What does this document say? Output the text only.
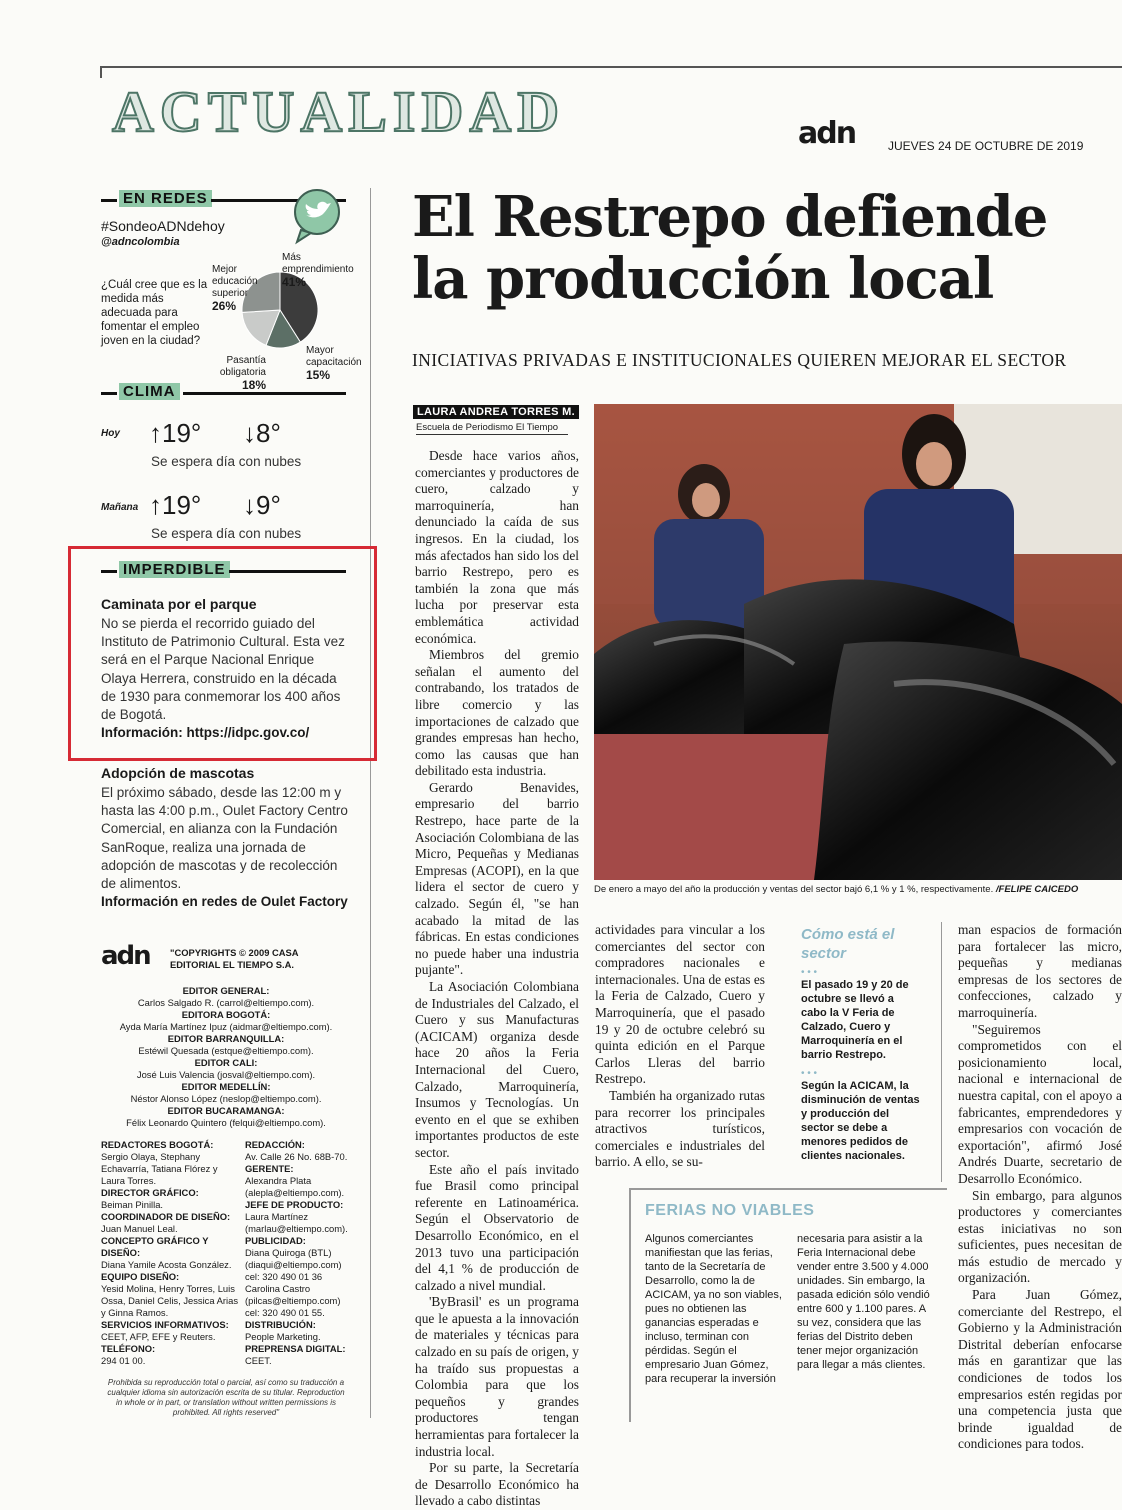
ACTUALIDAD	adn	JUEVES 24 DE OCTUBRE DE 2019
EN REDES
#SondeoADNdehoy
@adncolombia
¿Cuál cree que es la medida más adecuada para fomentar el empleo joven en la ciudad?
Mejor educación superior
26%
Más emprendimiento
41%
Mayor capacitación
15%
Pasantía obligatoria
18%
CLIMA
Hoy ↑19° ↓8°
Se espera día con nubes
Mañana ↑19° ↓9°
Se espera día con nubes
IMPERDIBLE
Caminata por el parque
No se pierda el recorrido guiado del Instituto de Patrimonio Cultural. Esta vez será en el Parque Nacional Enrique Olaya Herrera, construido en la década de 1930 para conmemorar los 400 años de Bogotá.
Información: https://idpc.gov.co/
Adopción de mascotas
El próximo sábado, desde las 12:00 m y hasta las 4:00 p.m., Oulet Factory Centro Comercial, en alianza con la Fundación SanRoque, realiza una jornada de adopción de mascotas y de recolección de alimentos.
Información en redes de Oulet Factory
adn "COPYRIGHTS © 2009 CASA EDITORIAL EL TIEMPO S.A.
EDITOR GENERAL:
Carlos Salgado R. (carrol@eltiempo.com).
EDITORA BOGOTÁ:
Ayda María Martínez Ipuz (aidmar@eltiempo.com).
EDITOR BARRANQUILLA:
Estéwil Quesada (estque@eltiempo.com).
EDITOR CALI:
José Luis Valencia (josval@eltiempo.com).
EDITOR MEDELLÍN:
Néstor Alonso López (neslop@eltiempo.com).
EDITOR BUCARAMANGA:
Félix Leonardo Quintero (felqui@eltiempo.com).
REDACTORES BOGOTÁ:
Sergio Olaya, Stephany Echavarría, Tatiana Flórez y Laura Torres.
DIRECTOR GRÁFICO:
Beiman Pinilla.
COORDINADOR DE DISEÑO:
Juan Manuel Leal.
CONCEPTO GRÁFICO Y DISEÑO:
Diana Yamile Acosta González.
EQUIPO DISEÑO:
Yesid Molina, Henry Torres, Luis Ossa, Daniel Celis, Jessica Arias y Ginna Ramos.
SERVICIOS INFORMATIVOS:
CEET, AFP, EFE y Reuters.
TELÉFONO:
294 01 00.
REDACCIÓN:
Av. Calle 26 No. 68B-70.
GERENTE:
Alexandra Plata (alepla@eltiempo.com).
JEFE DE PRODUCTO:
Laura Martínez (marlau@eltiempo.com).
PUBLICIDAD:
Diana Quiroga (BTL) (diaqui@eltiempo.com) cel: 320 490 01 36 Carolina Castro (pilcas@eltiempo.com) cel: 320 490 01 55.
DISTRIBUCIÓN:
People Marketing.
PREPRENSA DIGITAL:
CEET.
Prohibida su reproducción total o parcial, así como su traducción a cualquier idioma sin autorización escrita de su titular. Reproduction in whole or in part, or translation without written permissions is prohibited. All rights reserved"
El Restrepo defiende la producción local
INICIATIVAS PRIVADAS E INSTITUCIONALES QUIEREN MEJORAR EL SECTOR
LAURA ANDREA TORRES M.
Escuela de Periodismo El Tiempo
De enero a mayo del año la producción y ventas del sector bajó 6,1 % y 1 %, respectivamente. /FELIPE CAICEDO

Desde hace varios años, comerciantes y productores de cuero, calzado y marroquinería, han denunciado la caída de sus ingresos. En la ciudad, los más afectados han sido los del barrio Restrepo, pero es también la zona que más lucha por preservar esta emblemática actividad económica.

Miembros del gremio señalan el aumento del contrabando, los tratados de libre comercio y las importaciones de calzado que grandes empresas han hecho, como las causas que han debilitado esta industria.

Gerardo Benavides, empresario del barrio Restrepo, hace parte de la Asociación Colombiana de las Micro, Pequeñas y Medianas Empresas (ACOPI), en la que lidera el sector de cuero y calzado. Según él, "se han acabado la mitad de las fábricas. En estas condiciones no puede haber una industria pujante".

La Asociación Colombiana de Industriales del Calzado, el Cuero y sus Manufacturas (ACICAM) organiza desde hace 20 años la Feria Internacional del Cuero, Calzado, Marroquinería, Insumos y Tecnologías. Un evento en el que se exhiben importantes productos de este sector.

Este año el país invitado fue Brasil como principal referente en Latinoamérica. Según el Observatorio de Desarrollo Económico, en el 2013 tuvo una participación del 4,1 % de producción de calzado a nivel mundial.

'ByBrasil' es un programa que le apuesta a la innovación de materiales y técnicas para calzado en su país de origen, y ha traído sus propuestas a Colombia para que los pequeños y grandes productores tengan herramientas para fortalecer la industria local.

Por su parte, la Secretaría de Desarrollo Económico ha llevado a cabo distintas

actividades para vincular a los comerciantes del sector con compradores nacionales e internacionales. Una de estas es la Feria de Calzado, Cuero y Marroquinería, que el pasado 19 y 20 de octubre celebró su quinta edición en el Parque Carlos Lleras del barrio Restrepo.

También ha organizado rutas para recorrer los principales atractivos turísticos, comerciales e industriales del barrio. A ello, se su-

man espacios de formación para fortalecer las micro, pequeñas y medianas empresas de los sectores de confecciones, calzado y marroquinería.

"Seguiremos comprometidos con el posicionamiento local, nacional e internacional de nuestra capital, con el apoyo a fabricantes, emprendedores y empresarios con vocación de exportación", afirmó José Andrés Duarte, secretario de Desarrollo Económico.

Sin embargo, para algunos productores y comerciantes estas iniciativas no son suficientes, pues necesitan de más estudio de mercado y organización.

Para Juan Gómez, comerciante del Restrepo, el Gobierno y la Administración Distrital deberían enfocarse más en garantizar que las condiciones de todos los empresarios estén regidas por una competencia justa que brinde igualdad de condiciones para todos.

Cómo está el sector
• • •
El pasado 19 y 20 de octubre se llevó a cabo la V Feria de Calzado, Cuero y Marroquinería en el barrio Restrepo.
• • •
Según la ACICAM, la disminución de ventas y producción del sector se debe a menores pedidos de clientes nacionales.
FERIAS NO VIABLES
Algunos comerciantes manifiestan que las ferias, tanto de la Secretaría de Desarrollo, como la de ACICAM, ya no son viables, pues no obtienen las ganancias esperadas e incluso, terminan con pérdidas. Según el empresario Juan Gómez, para recuperar la inversión
necesaria para asistir a la Feria Internacional debe vender entre 3.500 y 4.000 unidades. Sin embargo, la pasada edición sólo vendió entre 600 y 1.100 pares. A su vez, considera que las ferias del Distrito deben tener mejor organización para llegar a más clientes.
